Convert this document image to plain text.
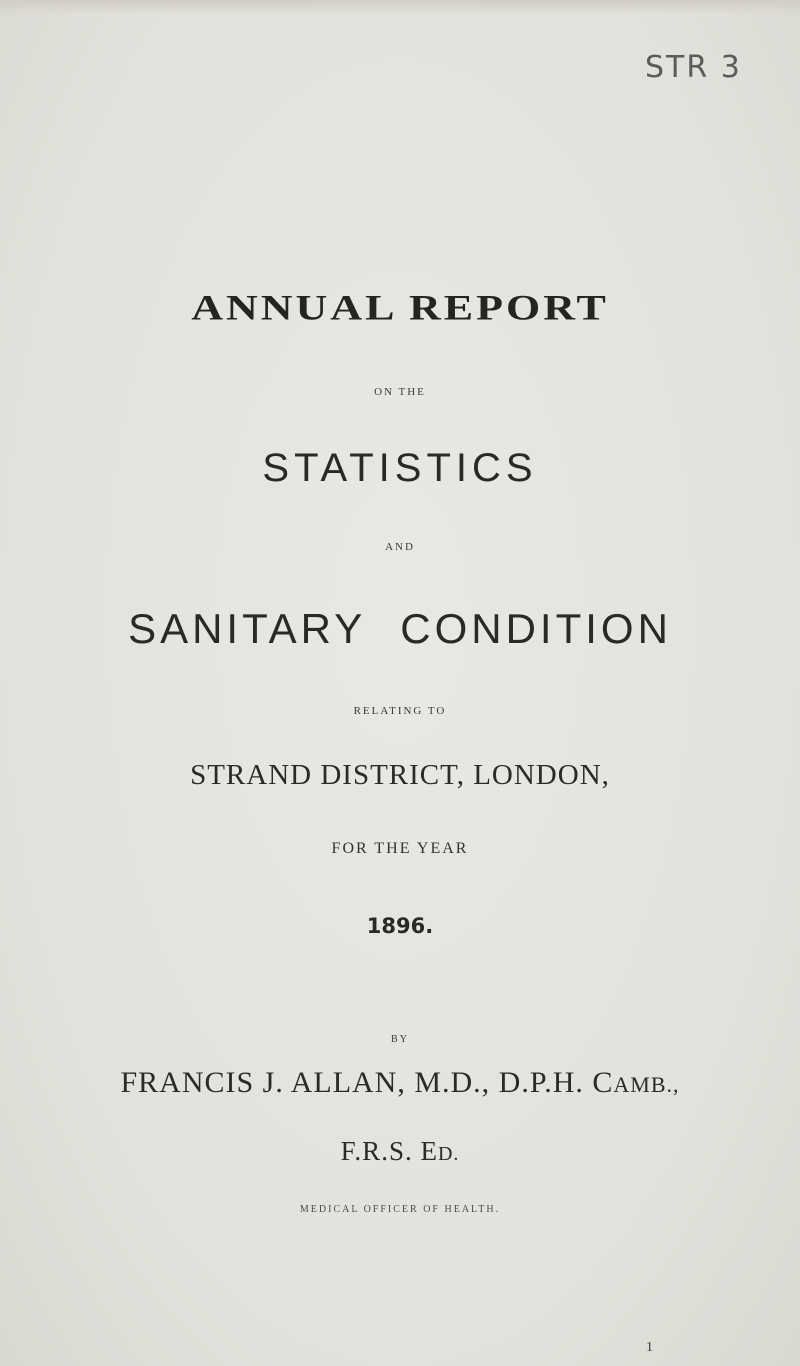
STR 3
ANNUAL REPORT
ON THE
STATISTICS
AND
SANITARY CONDITION
RELATING TO
STRAND DISTRICT, LONDON,
FOR THE YEAR
1896.
BY
FRANCIS J. ALLAN, M.D., D.P.H. CAMB.,
F.R.S. ED.
MEDICAL OFFICER OF HEALTH.
1
